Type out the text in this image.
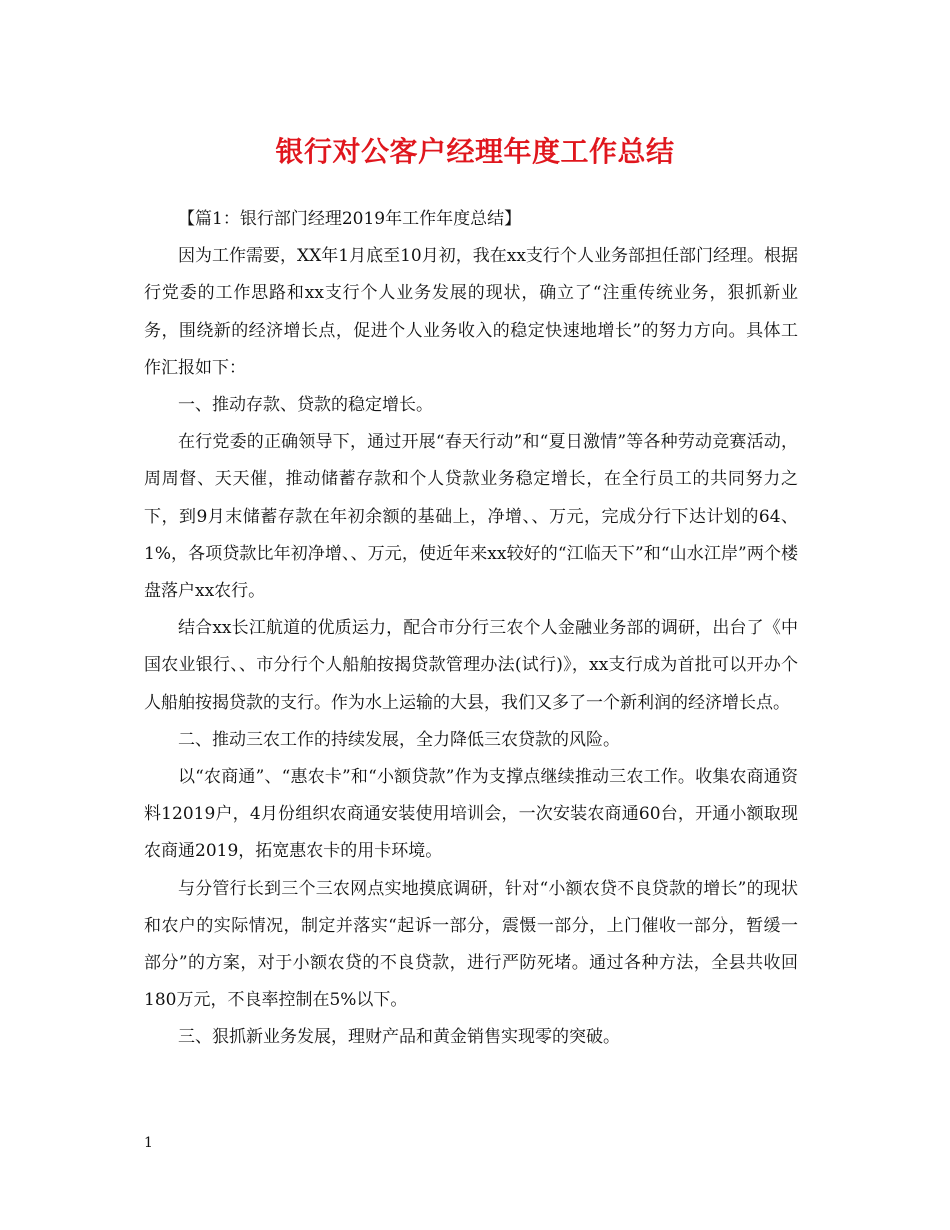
银行对公客户经理年度工作总结

【篇1：银行部门经理2019年工作年度总结】

因为工作需要，XX年1月底至10月初，我在xx支行个人业务部担任部门经理。根据行党委的工作思路和xx支行个人业务发展的现状，确立了“注重传统业务，狠抓新业务，围绕新的经济增长点，促进个人业务收入的稳定快速地增长”的努力方向。具体工作汇报如下：

一、推动存款、贷款的稳定增长。

在行党委的正确领导下，通过开展“春天行动”和“夏日激情”等各种劳动竞赛活动，周周督、天天催，推动储蓄存款和个人贷款业务稳定增长，在全行员工的共同努力之下，到9月末储蓄存款在年初余额的基础上，净增、、万元，完成分行下达计划的64、1%，各项贷款比年初净增、、万元，使近年来xx较好的“江临天下”和“山水江岸”两个楼盘落户xx农行。

结合xx长江航道的优质运力，配合市分行三农个人金融业务部的调研，出台了《中国农业银行、、市分行个人船舶按揭贷款管理办法(试行)》，xx支行成为首批可以开办个人船舶按揭贷款的支行。作为水上运输的大县，我们又多了一个新利润的经济增长点。

二、推动三农工作的持续发展，全力降低三农贷款的风险。

以“农商通”、“惠农卡”和“小额贷款”作为支撑点继续推动三农工作。收集农商通资料12019户，4月份组织农商通安装使用培训会，一次安装农商通60台，开通小额取现农商通2019，拓宽惠农卡的用卡环境。

与分管行长到三个三农网点实地摸底调研，针对“小额农贷不良贷款的增长”的现状和农户的实际情况，制定并落实“起诉一部分，震慑一部分，上门催收一部分，暂缓一部分”的方案，对于小额农贷的不良贷款，进行严防死堵。通过各种方法，全县共收回180万元，不良率控制在5%以下。

三、狠抓新业务发展，理财产品和黄金销售实现零的突破。

1
